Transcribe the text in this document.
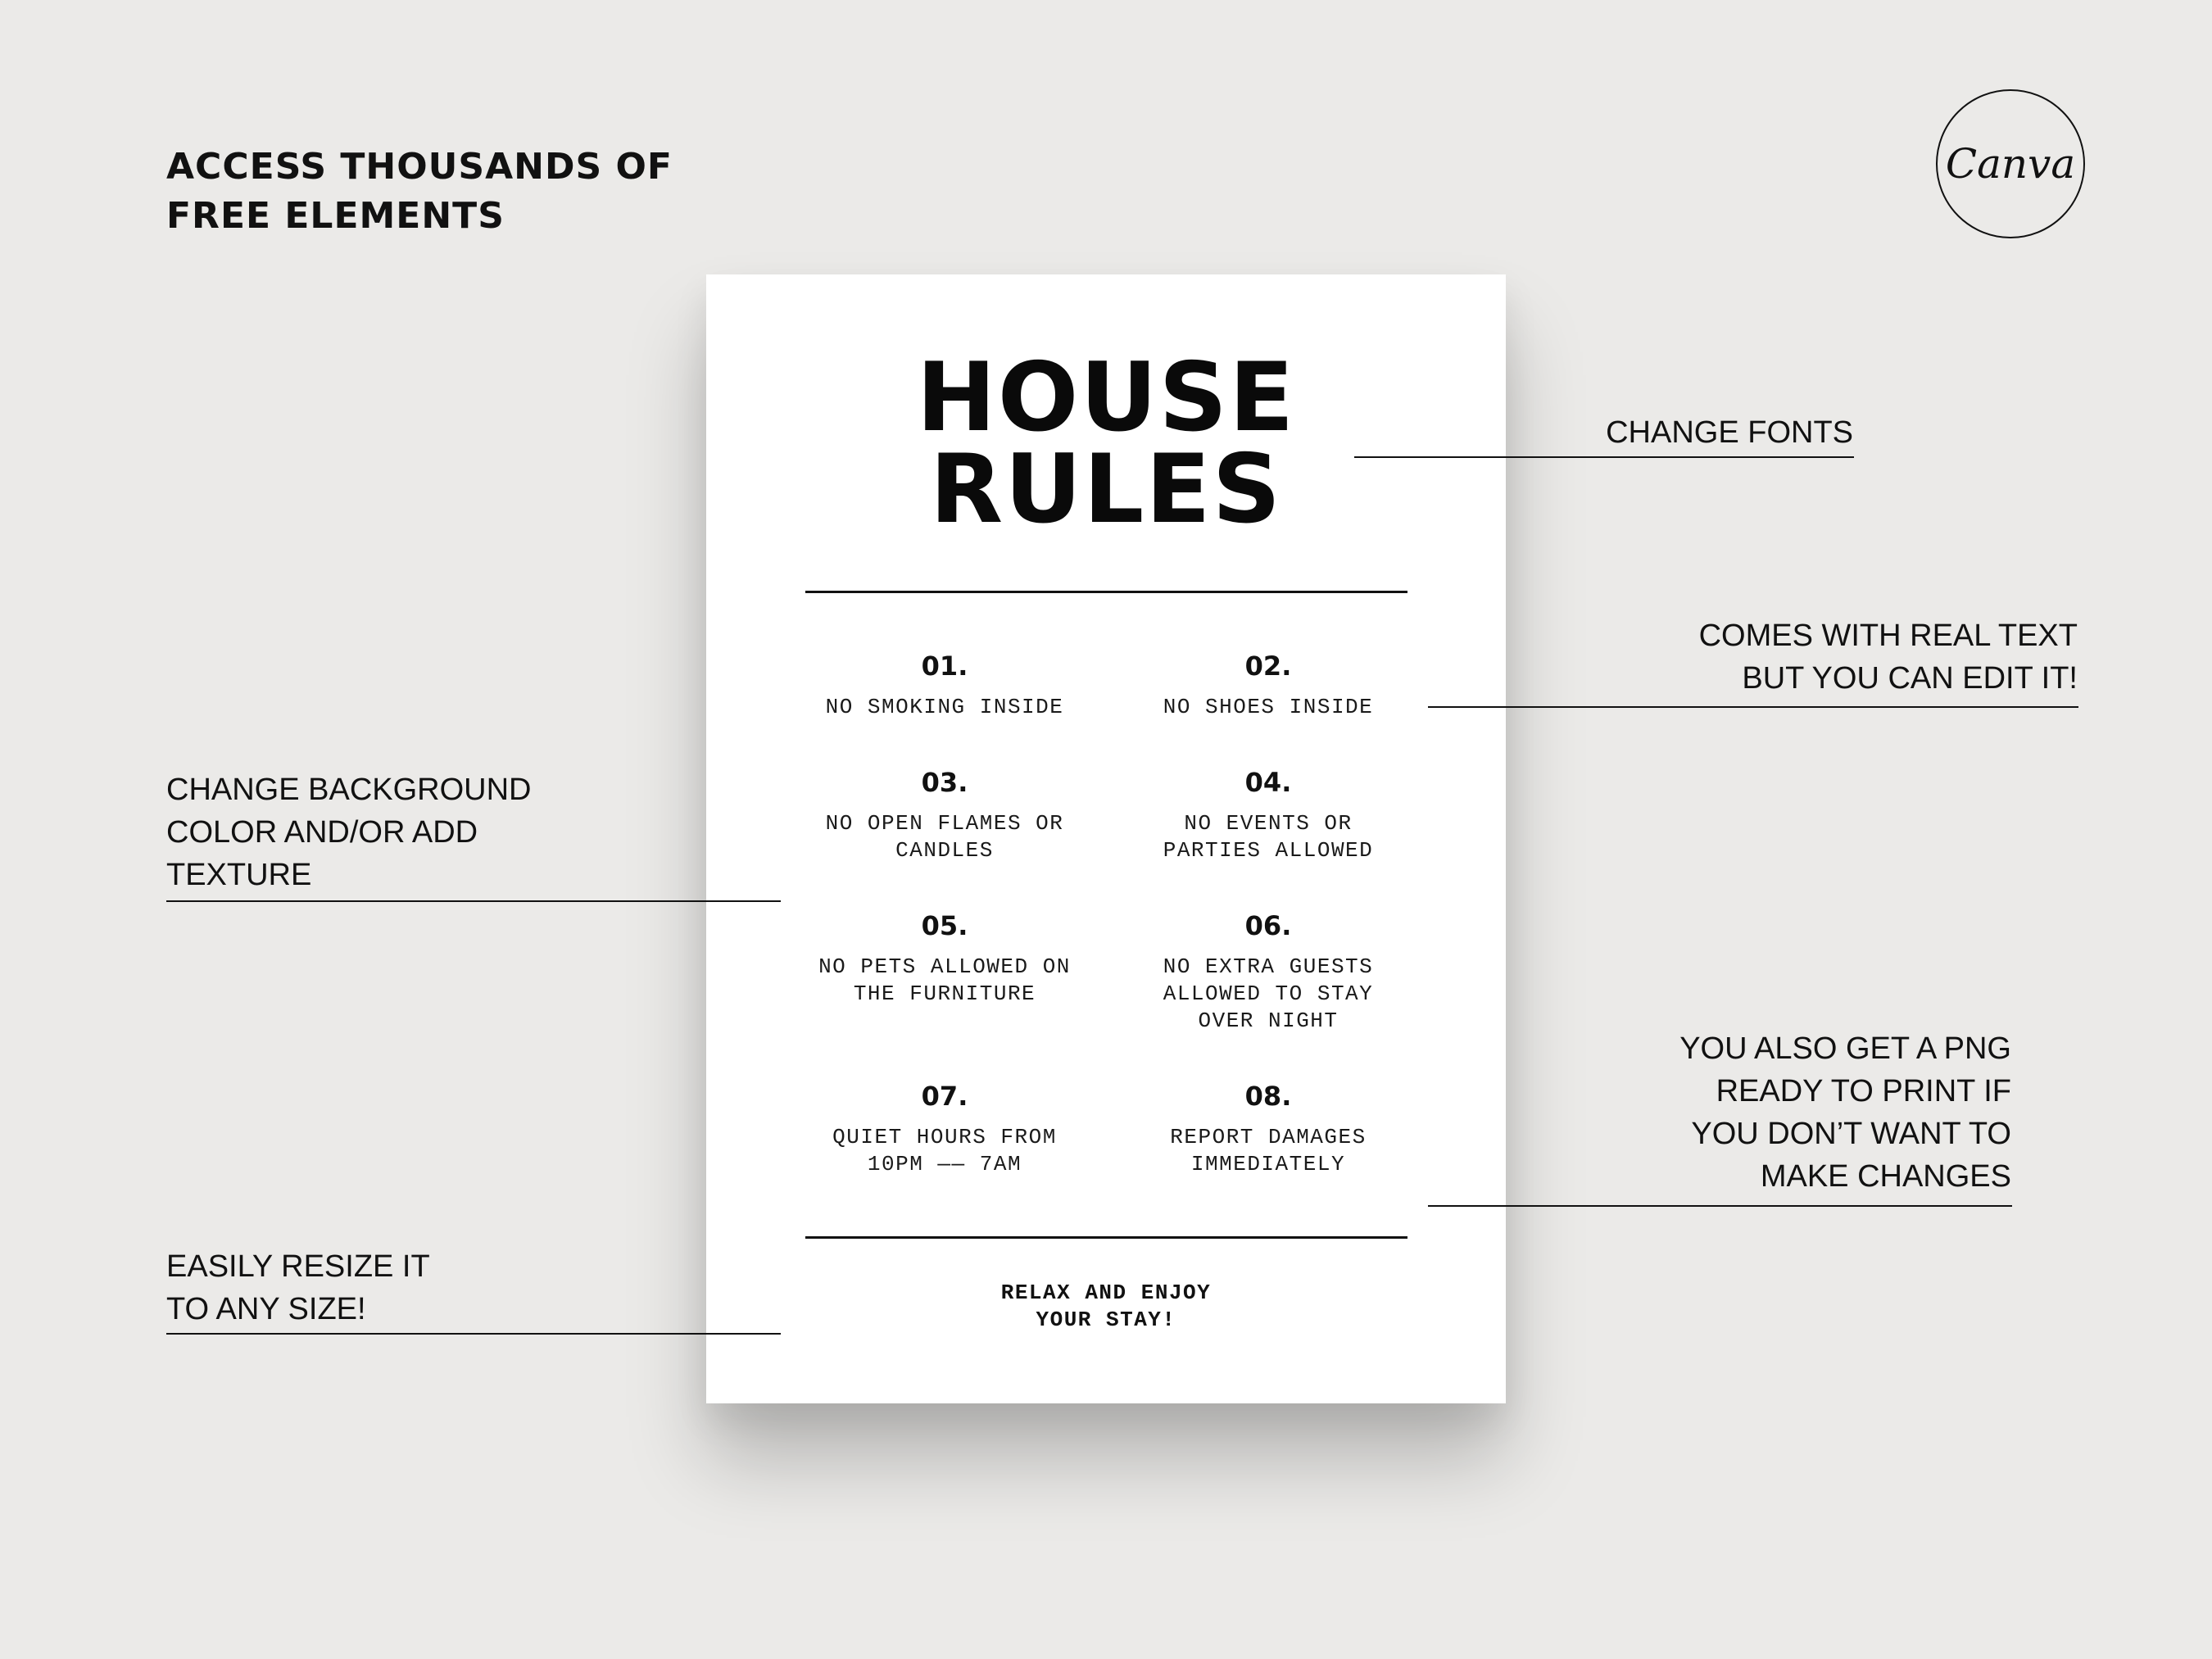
ACCESS THOUSANDS OF
FREE ELEMENTS
Canva
HOUSE
RULES
01.
NO SMOKING INSIDE
02.
NO SHOES INSIDE
03.
NO OPEN FLAMES OR
CANDLES
04.
NO EVENTS OR
PARTIES ALLOWED
05.
NO PETS ALLOWED ON
THE FURNITURE
06.
NO EXTRA GUESTS
ALLOWED TO STAY
OVER NIGHT
07.
QUIET HOURS FROM
10PM —— 7AM
08.
REPORT DAMAGES
IMMEDIATELY
RELAX AND ENJOY
YOUR STAY!
CHANGE FONTS
COMES WITH REAL TEXT
BUT YOU CAN EDIT IT!
CHANGE BACKGROUND
COLOR AND/OR ADD
TEXTURE
YOU ALSO GET A PNG
READY TO PRINT IF
YOU DON’T WANT TO
MAKE CHANGES
EASILY RESIZE IT
TO ANY SIZE!
